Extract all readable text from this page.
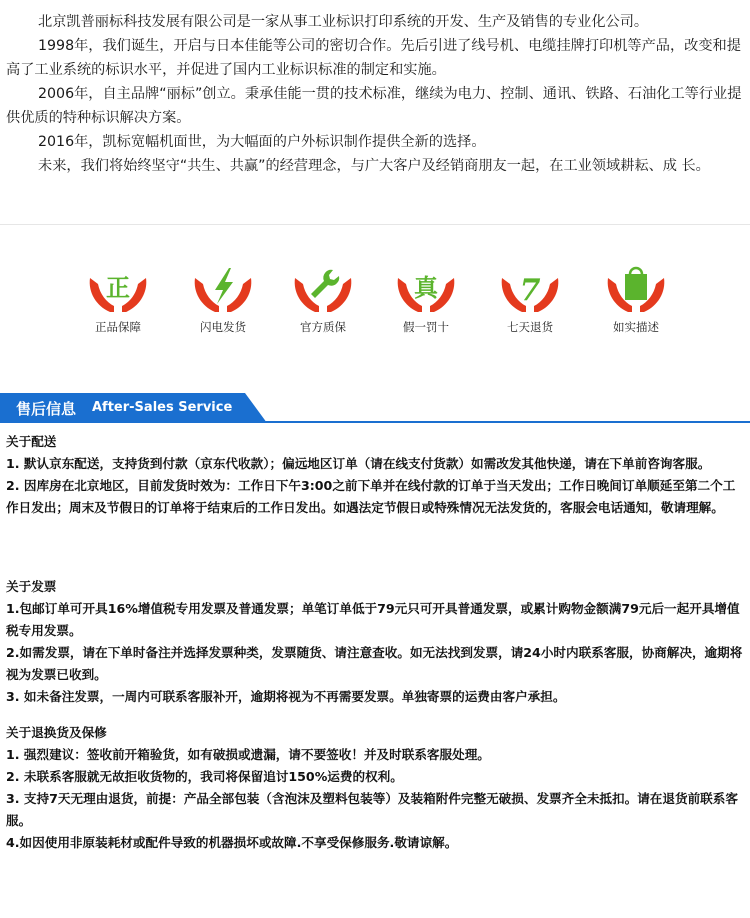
北京凯普丽标科技发展有限公司是一家从事工业标识打印系统的开发、生产及销售的专业化公司。

1998年，我们诞生，开启与日本佳能等公司的密切合作。先后引进了线号机、电缆挂牌打印机等产品，改变和提高了工业系统的标识水平，并促进了国内工业标识标准的制定和实施。

2006年，自主品牌“丽标”创立。秉承佳能一贯的技术标准，继续为电力、控制、通讯、铁路、石油化工等行业提供优质的特种标识解决方案。

2016年，凯标宽幅机面世，为大幅面的户外标识制作提供全新的选择。

未来，我们将始终坚守“共生、共赢”的经营理念，与广大客户及经销商朋友一起，在工业领域耕耘、成 长。

正
正品保障	闪电发货	官方质保
真
假一罚十
7
七天退货	如实描述
售后信息 After-Sales Service

关于配送

1. 默认京东配送，支持货到付款（京东代收款）；偏远地区订单（请在线支付货款）如需改发其他快递，请在下单前咨询客服。

2. 因库房在北京地区，目前发货时效为：工作日下午3:00之前下单并在线付款的订单于当天发出；工作日晚间订单顺延至第二个工作日发出；周末及节假日的订单将于结束后的工作日发出。如遇法定节假日或特殊情况无法发货的，客服会电话通知，敬请理解。

关于发票

1.包邮订单可开具16%增值税专用发票及普通发票；单笔订单低于79元只可开具普通发票，或累计购物金额满79元后一起开具增值税专用发票。

2.如需发票，请在下单时备注并选择发票种类，发票随货、请注意查收。如无法找到发票，请24小时内联系客服，协商解决，逾期将视为发票已收到。

3. 如未备注发票，一周内可联系客服补开，逾期将视为不再需要发票。单独寄票的运费由客户承担。

关于退换货及保修

1. 强烈建议：签收前开箱验货，如有破损或遗漏，请不要签收！并及时联系客服处理。

2. 未联系客服就无故拒收货物的，我司将保留追讨150%运费的权利。

3. 支持7天无理由退货，前提：产品全部包装（含泡沫及塑料包装等）及装箱附件完整无破损、发票齐全未抵扣。请在退货前联系客服。

4.如因使用非原装耗材或配件导致的机器损坏或故障.不享受保修服务.敬请谅解。
